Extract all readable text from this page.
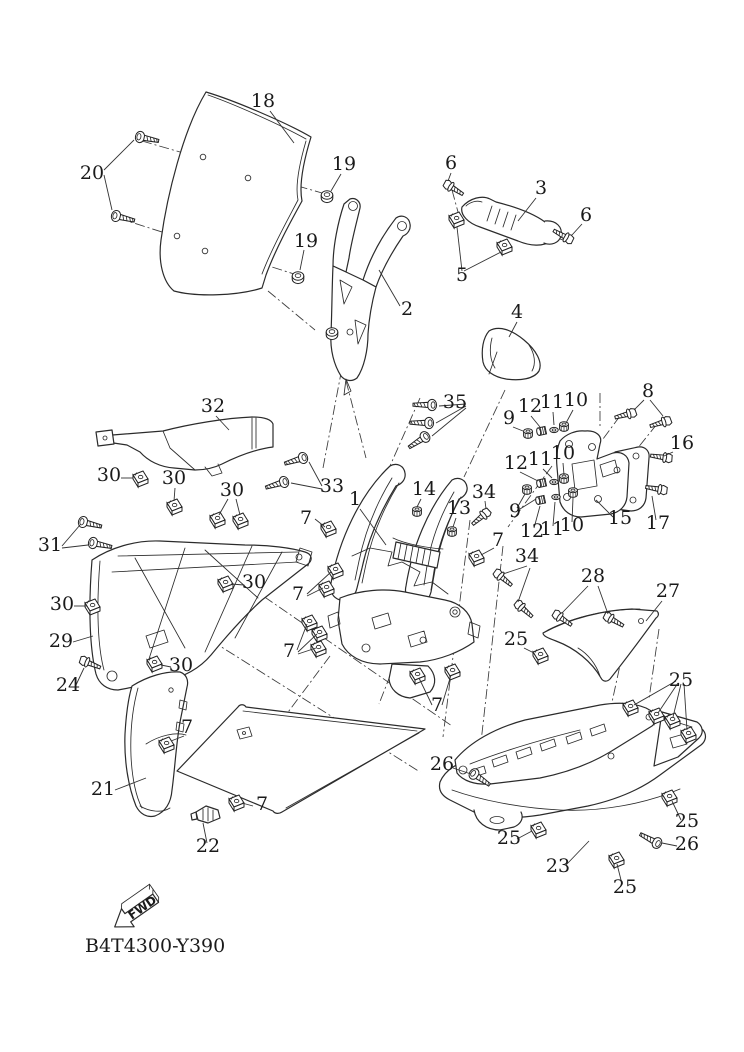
18
20	19	6
3
6
19
5
2	4
32	35	8
12
11 10
9
16
30 30
30	33
12 11
10
1	14
13
34
15 17
9
12
11
10
7
31	7
30
7
30
34
28
27
29	25
30
24
7
25
7
7
26
21
7
25
22
23
26
25
25
FWD
B4T4300-Y390
